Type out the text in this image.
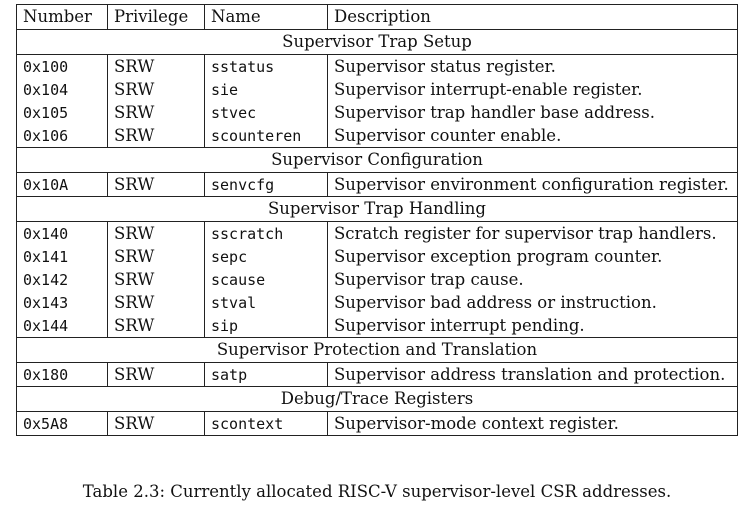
Number	Privilege	Name	Description
Supervisor Trap Setup			
0x100	SRW	sstatus	Supervisor status register.
0x104	SRW	sie	Supervisor interrupt-enable register.
0x105	SRW	stvec	Supervisor trap handler base address.
0x106	SRW	scounteren	Supervisor counter enable.
Supervisor Configuration			
0x10A	SRW	senvcfg	Supervisor environment configuration register.
Supervisor Trap Handling			
0x140	SRW	sscratch	Scratch register for supervisor trap handlers.
0x141	SRW	sepc	Supervisor exception program counter.
0x142	SRW	scause	Supervisor trap cause.
0x143	SRW	stval	Supervisor bad address or instruction.
0x144	SRW	sip	Supervisor interrupt pending.
Supervisor Protection and Translation			
0x180	SRW	satp	Supervisor address translation and protection.
Debug/Trace Registers			
0x5A8	SRW	scontext	Supervisor-mode context register.
Table 2.3: Currently allocated RISC-V supervisor-level CSR addresses.
